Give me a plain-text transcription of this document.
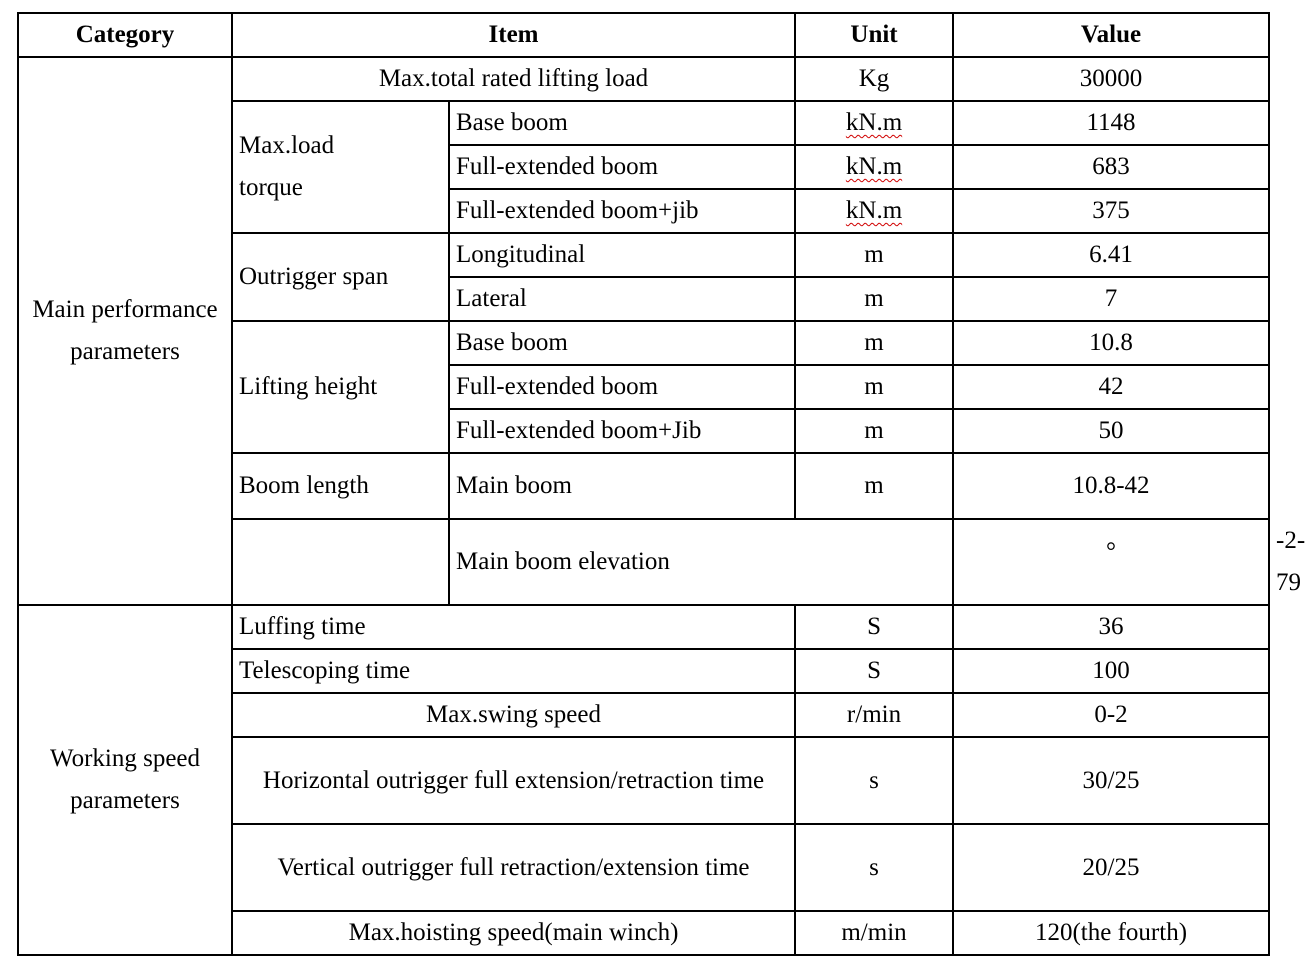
Category	Item		Unit	Value	
Main performance parameters	Max.total rated lifting load		Kg	30000	
	Max.load torque	Base boom	kN.m	1148	
		Full-extended boom	kN.m	683	
		Full-extended boom+jib	kN.m	375	
	Outrigger span	Longitudinal	m	6.41	
		Lateral	m	7	
	Lifting height	Base boom	m	10.8	
		Full-extended boom	m	42	
		Full-extended boom+Jib	m	50	
	Boom length	Main boom	m	10.8-42	
		Main boom elevation		°	-2-79
Working speed parameters	Luffing time		S	36	
	Telescoping time		S	100	
	Max.swing speed		r/min	0-2	
	Horizontal outrigger full extension/retraction time		s	30/25	
	Vertical outrigger full retraction/extension time		s	20/25	
	Max.hoisting speed(main winch)		m/min	120(the fourth)	
